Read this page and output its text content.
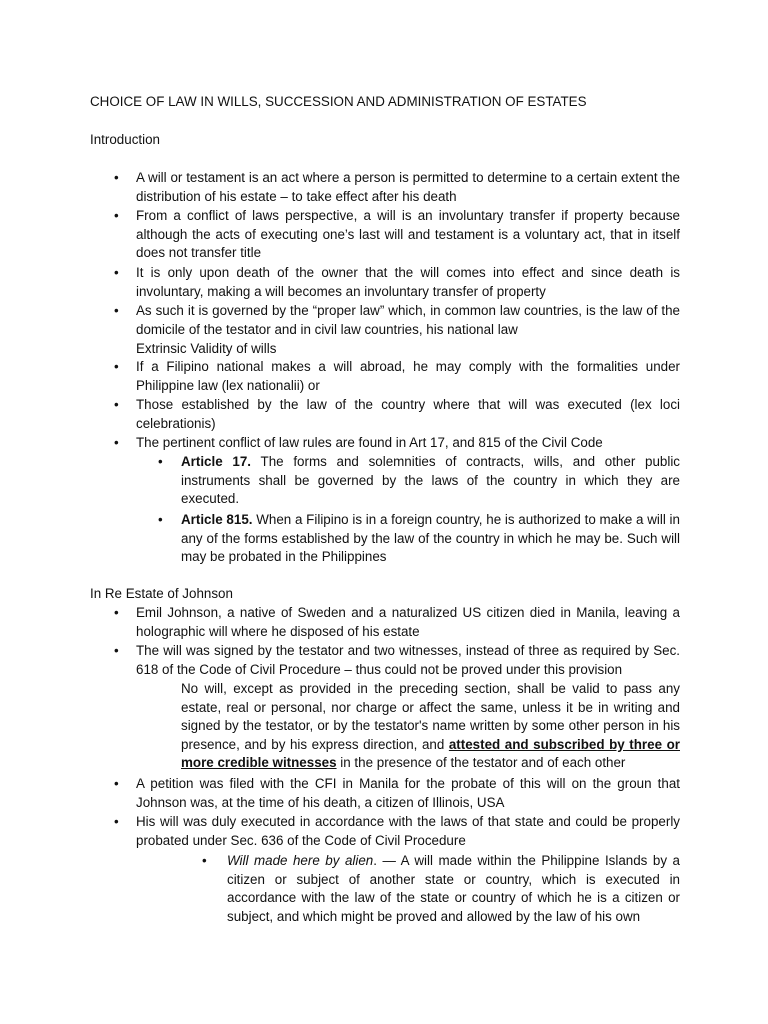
CHOICE OF LAW IN WILLS, SUCCESSION AND ADMINISTRATION OF ESTATES

Introduction

• A will or testament is an act where a person is permitted to determine to a certain extent the distribution of his estate – to take effect after his death

• From a conflict of laws perspective, a will is an involuntary transfer if property because although the acts of executing one’s last will and testament is a voluntary act, that in itself does not transfer title

• It is only upon death of the owner that the will comes into effect and since death is involuntary, making a will becomes an involuntary transfer of property

• As such it is governed by the “proper law” which, in common law countries, is the law of the domicile of the testator and in civil law countries, his national law

Extrinsic Validity of wills

• If a Filipino national makes a will abroad, he may comply with the formalities under Philippine law (lex nationalii) or

• Those established by the law of the country where that will was executed (lex loci celebrationis)

• The pertinent conflict of law rules are found in Art 17, and 815 of the Civil Code

• Article 17. The forms and solemnities of contracts, wills, and other public instruments shall be governed by the laws of the country in which they are executed.

• Article 815. When a Filipino is in a foreign country, he is authorized to make a will in any of the forms established by the law of the country in which he may be. Such will may be probated in the Philippines

In Re Estate of Johnson

• Emil Johnson, a native of Sweden and a naturalized US citizen died in Manila, leaving a holographic will where he disposed of his estate

• The will was signed by the testator and two witnesses, instead of three as required by Sec. 618 of the Code of Civil Procedure – thus could not be proved under this provision

No will, except as provided in the preceding section, shall be valid to pass any estate, real or personal, nor charge or affect the same, unless it be in writing and signed by the testator, or by the testator's name written by some other person in his presence, and by his express direction, and attested and subscribed by three or more credible witnesses in the presence of the testator and of each other

• A petition was filed with the CFI in Manila for the probate of this will on the groun that Johnson was, at the time of his death, a citizen of Illinois, USA

• His will was duly executed in accordance with the laws of that state and could be properly probated under Sec. 636 of the Code of Civil Procedure

• Will made here by alien. — A will made within the Philippine Islands by a citizen or subject of another state or country, which is executed in accordance with the law of the state or country of which he is a citizen or subject, and which might be proved and allowed by the law of his own
